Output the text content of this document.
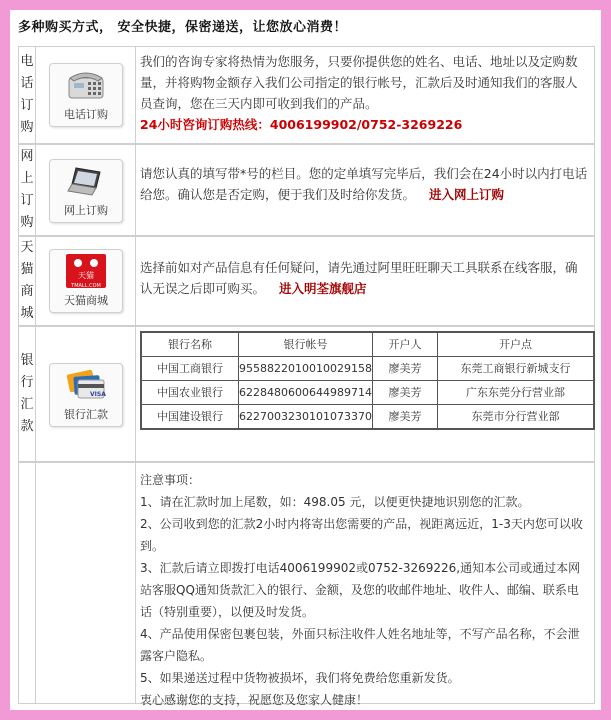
多种购买方式， 安全快捷，保密递送，让您放心消费！
电
话
订
购
电话订购
我们的咨询专家将热情为您服务，只要你提供您的姓名、电话、地址以及定购数量，并将购物金额存入我们公司指定的银行帐号，汇款后及时通知我们的客服人员查询，您在三天内即可收到我们的产品。
24小时咨询订购热线：4006199902/0752-3269226
网
上
订
购
网上订购
请您认真的填写带*号的栏目。您的定单填写完毕后，我们会在24小时以内打电话给您。确认您是否定购，便于我们及时给你发货。 进入网上订购
天
猫
商
城
天猫 TMALL.COM
天猫商城
选择前如对产品信息有任何疑问，请先通过阿里旺旺聊天工具联系在线客服，确认无误之后即可购买。 进入明荃旗舰店
银
行
汇
款
VISA
银行汇款
银行名称	银行帐号	开户人	开户点
中国工商银行	9558822010010029158	廖美芳	东莞工商银行新城支行
中国农业银行	6228480600644989714	廖美芳	广东东莞分行营业部
中国建设银行	6227003230101073370	廖美芳	东莞市分行营业部
注意事项：
1、请在汇款时加上尾数，如：498.05 元，以便更快捷地识别您的汇款。
2、公司收到您的汇款2小时内将寄出您需要的产品，视距离远近，1-3天内您可以收到。
3、汇款后请立即拨打电话4006199902或0752-3269226,通知本公司或通过本网站客服QQ通知货款汇入的银行、金额，及您的收邮件地址、收件人、邮编、联系电话（特别重要），以便及时发货。
4、产品使用保密包裹包装，外面只标注收件人姓名地址等，不写产品名称，不会泄露客户隐私。
5、如果递送过程中货物被损坏，我们将免费给您重新发货。
衷心感谢您的支持，祝愿您及您家人健康！
